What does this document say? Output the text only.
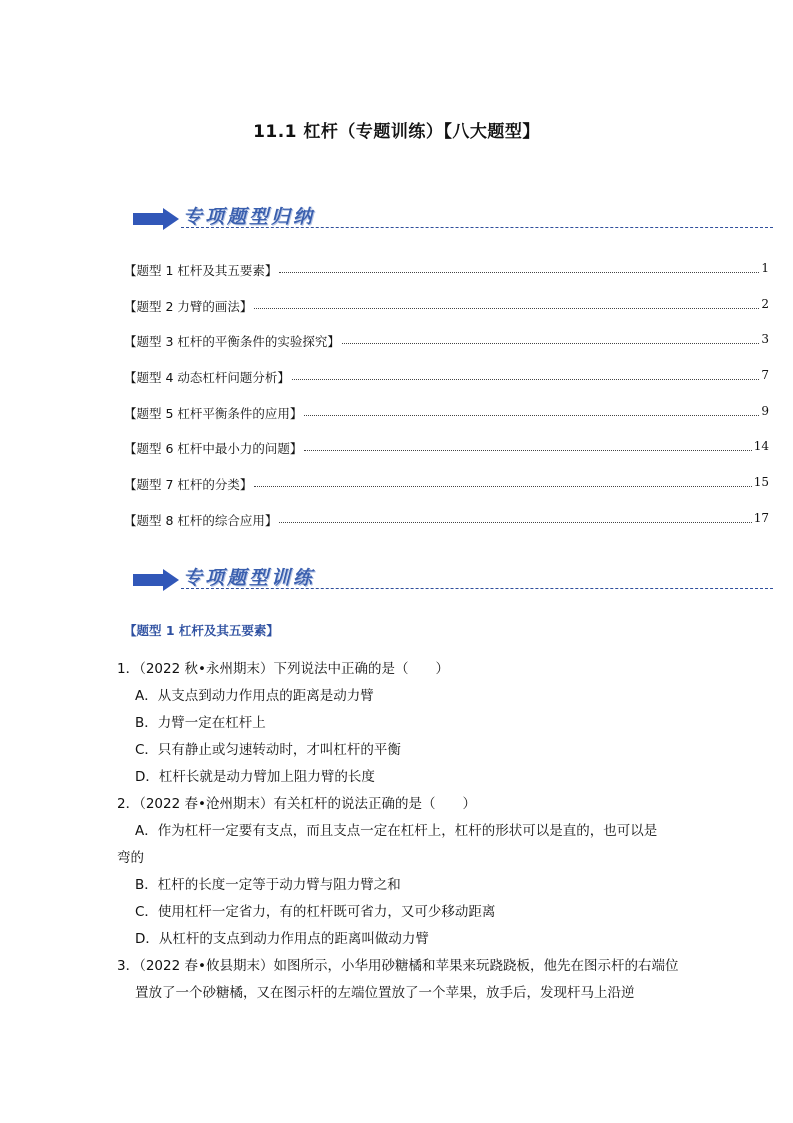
11.1 杠杆（专题训练）【八大题型】
专项题型归纳
【题型 1 杠杆及其五要素】	1
【题型 2 力臂的画法】	2
【题型 3 杠杆的平衡条件的实验探究】	3
【题型 4 动态杠杆问题分析】	7
【题型 5 杠杆平衡条件的应用】	9
【题型 6 杠杆中最小力的问题】	14
【题型 7 杠杆的分类】	15
【题型 8 杠杆的综合应用】	17
专项题型训练
【题型 1 杠杆及其五要素】

1．（2022 秋•永州期末）下列说法中正确的是（　　）

A．从支点到动力作用点的距离是动力臂

B．力臂一定在杠杆上

C．只有静止或匀速转动时，才叫杠杆的平衡

D．杠杆长就是动力臂加上阻力臂的长度

2．（2022 春•沧州期末）有关杠杆的说法正确的是（　　）

A．作为杠杆一定要有支点，而且支点一定在杠杆上，杠杆的形状可以是直的，也可以是

弯的

B．杠杆的长度一定等于动力臂与阻力臂之和

C．使用杠杆一定省力，有的杠杆既可省力，又可少移动距离

D．从杠杆的支点到动力作用点的距离叫做动力臂

3．（2022 春•攸县期末）如图所示，小华用砂糖橘和苹果来玩跷跷板，他先在图示杆的右端位置放了一个砂糖橘，又在图示杆的左端位置放了一个苹果，放手后，发现杆马上沿逆
